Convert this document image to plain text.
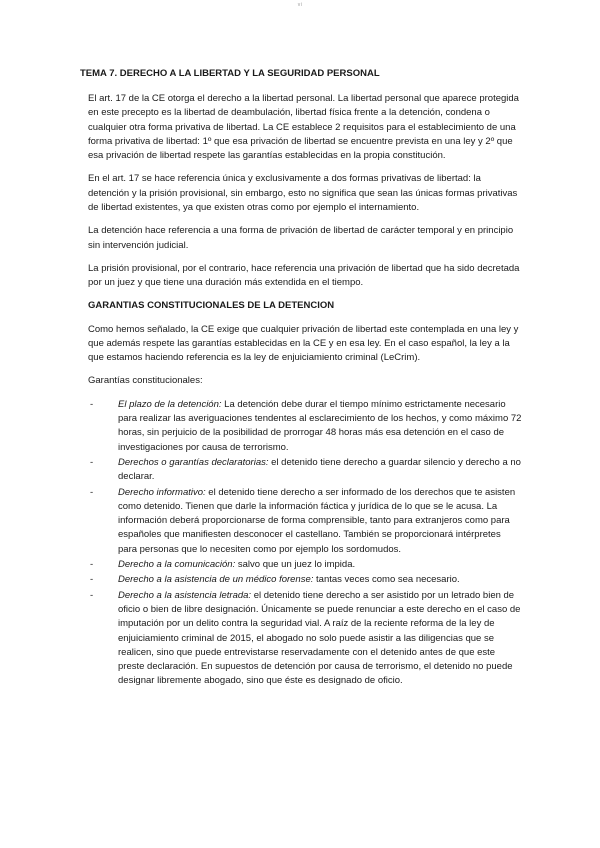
vi
TEMA 7. DERECHO A LA LIBERTAD Y LA SEGURIDAD PERSONAL

El art. 17 de la CE otorga el derecho a la libertad personal. La libertad personal que aparece protegida en este precepto es la libertad de deambulación, libertad física frente a la detención, condena o cualquier otra forma privativa de libertad. La CE establece 2 requisitos para el establecimiento de una forma privativa de libertad: 1º que esa privación de libertad se encuentre prevista en una ley y 2º que esa privación de libertad respete las garantías establecidas en la propia constitución.

En el art. 17 se hace referencia única y exclusivamente a dos formas privativas de libertad: la detención y la prisión provisional, sin embargo, esto no significa que sean las únicas formas privativas de libertad existentes, ya que existen otras como por ejemplo el internamiento.

La detención hace referencia a una forma de privación de libertad de carácter temporal y en principio sin intervención judicial.

La prisión provisional, por el contrario, hace referencia una privación de libertad que ha sido decretada por un juez y que tiene una duración más extendida en el tiempo.

GARANTIAS CONSTITUCIONALES DE LA DETENCION

Como hemos señalado, la CE exige que cualquier privación de libertad este contemplada en una ley y que además respete las garantías establecidas en la CE y en esa ley. En el caso español, la ley a la que estamos haciendo referencia es la ley de enjuiciamiento criminal (LeCrim).

Garantías constitucionales:

-	El plazo de la detención: La detención debe durar el tiempo mínimo estrictamente necesario para realizar las averiguaciones tendentes al esclarecimiento de los hechos, y como máximo 72 horas, sin perjuicio de la posibilidad de prorrogar 48 horas más esa detención en el caso de investigaciones por causa de terrorismo.
-	Derechos o garantías declaratorias: el detenido tiene derecho a guardar silencio y derecho a no declarar.
-	Derecho informativo: el detenido tiene derecho a ser informado de los derechos que te asisten como detenido. Tienen que darle la información fáctica y jurídica de lo que se le acusa. La información deberá proporcionarse de forma comprensible, tanto para extranjeros como para españoles que manifiesten desconocer el castellano. También se proporcionará intérpretes para personas que lo necesiten como por ejemplo los sordomudos.
-	Derecho a la comunicación: salvo que un juez lo impida.
-	Derecho a la asistencia de un médico forense: tantas veces como sea necesario.
-	Derecho a la asistencia letrada: el detenido tiene derecho a ser asistido por un letrado bien de oficio o bien de libre designación. Únicamente se puede renunciar a este derecho en el caso de imputación por un delito contra la seguridad vial. A raíz de la reciente reforma de la ley de enjuiciamiento criminal de 2015, el abogado no solo puede asistir a las diligencias que se realicen, sino que puede entrevistarse reservadamente con el detenido antes de que este preste declaración. En supuestos de detención por causa de terrorismo, el detenido no puede designar libremente abogado, sino que éste es designado de oficio.
